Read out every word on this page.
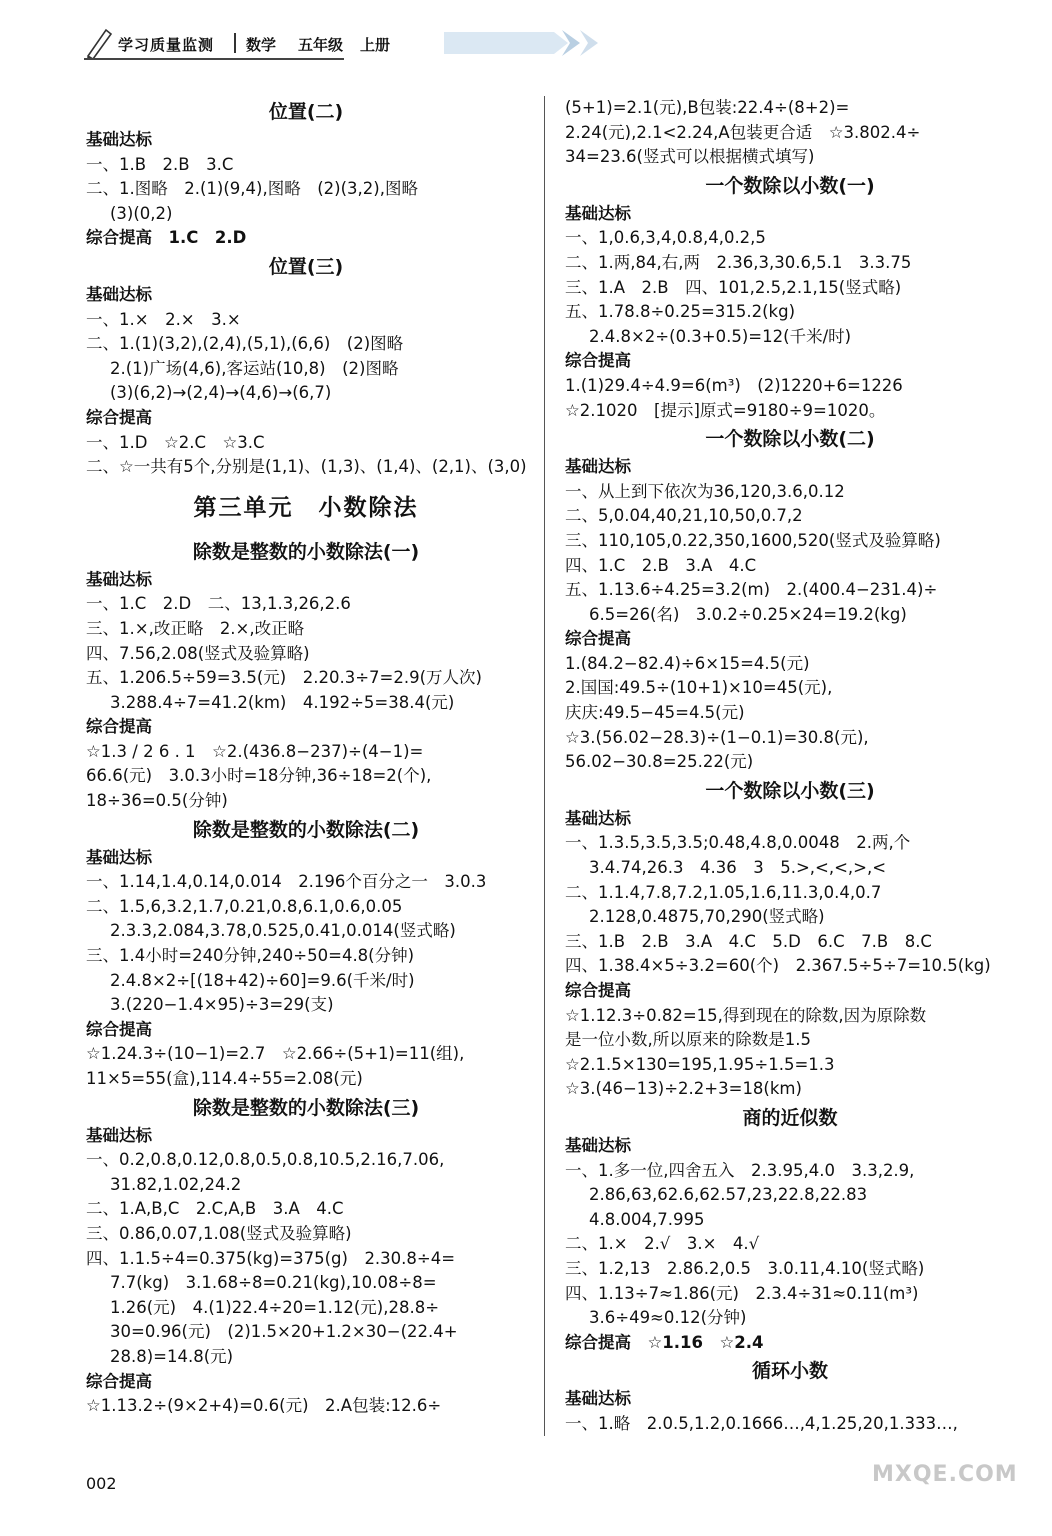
学习质量监测 数学 五年级 上册
位置(二)
基础达标
一、1.B　2.B　3.C
二、1.图略　2.(1)(9,4),图略　(2)(3,2),图略
(3)(0,2)
综合提高　1.C　2.D
位置(三)
基础达标
一、1.×　2.×　3.×
二、1.(1)(3,2),(2,4),(5,1),(6,6)　(2)图略
2.(1)广场(4,6),客运站(10,8)　(2)图略
(3)(6,2)→(2,4)→(4,6)→(6,7)
综合提高
一、1.D　☆2.C　☆3.C
二、☆一共有5个,分别是(1,1)、(1,3)、(1,4)、(2,1)、(3,0)
第三单元　小数除法
除数是整数的小数除法(一)
基础达标
一、1.C　2.D　二、13,1.3,26,2.6
三、1.×,改正略　2.×,改正略
四、7.56,2.08(竖式及验算略)
五、1.206.5÷59=3.5(元)　2.20.3÷7=2.9(万人次)
3.288.4÷7=41.2(km)　4.192÷5=38.4(元)
综合提高
☆1.3 / 2 6 . 1　☆2.(436.8−237)÷(4−1)=
66.6(元)　3.0.3小时=18分钟,36÷18=2(个),
18÷36=0.5(分钟)
除数是整数的小数除法(二)
基础达标
一、1.14,1.4,0.14,0.014　2.196个百分之一　3.0.3
二、1.5,6,3.2,1.7,0.21,0.8,6.1,0.6,0.05
2.3.3,2.084,3.78,0.525,0.41,0.014(竖式略)
三、1.4小时=240分钟,240÷50=4.8(分钟)
2.4.8×2÷[(18+42)÷60]=9.6(千米/时)
3.(220−1.4×95)÷3=29(支)
综合提高
☆1.24.3÷(10−1)=2.7　☆2.66÷(5+1)=11(组),
11×5=55(盒),114.4÷55=2.08(元)
除数是整数的小数除法(三)
基础达标
一、0.2,0.8,0.12,0.8,0.5,0.8,10.5,2.16,7.06,
31.82,1.02,24.2
二、1.A,B,C　2.C,A,B　3.A　4.C
三、0.86,0.07,1.08(竖式及验算略)
四、1.1.5÷4=0.375(kg)=375(g)　2.30.8÷4=
7.7(kg)　3.1.68÷8=0.21(kg),10.08÷8=
1.26(元)　4.(1)22.4÷20=1.12(元),28.8÷
30=0.96(元)　(2)1.5×20+1.2×30−(22.4+
28.8)=14.8(元)
综合提高
☆1.13.2÷(9×2+4)=0.6(元)　2.A包装:12.6÷
(5+1)=2.1(元),B包装:22.4÷(8+2)=
2.24(元),2.1<2.24,A包装更合适　☆3.802.4÷
34=23.6(竖式可以根据横式填写)
一个数除以小数(一)
基础达标
一、1,0.6,3,4,0.8,4,0.2,5
二、1.两,84,右,两　2.36,3,30.6,5.1　3.3.75
三、1.A　2.B　四、101,2.5,2.1,15(竖式略)
五、1.78.8÷0.25=315.2(kg)
2.4.8×2÷(0.3+0.5)=12(千米/时)
综合提高
1.(1)29.4÷4.9=6(m³)　(2)1220+6=1226
☆2.1020　[提示]原式=9180÷9=1020。
一个数除以小数(二)
基础达标
一、从上到下依次为36,120,3.6,0.12
二、5,0.04,40,21,10,50,0.7,2
三、110,105,0.22,350,1600,520(竖式及验算略)
四、1.C　2.B　3.A　4.C
五、1.13.6÷4.25=3.2(m)　2.(400.4−231.4)÷
6.5=26(名)　3.0.2÷0.25×24=19.2(kg)
综合提高
1.(84.2−82.4)÷6×15=4.5(元)
2.国国:49.5÷(10+1)×10=45(元),
庆庆:49.5−45=4.5(元)
☆3.(56.02−28.3)÷(1−0.1)=30.8(元),
56.02−30.8=25.22(元)
一个数除以小数(三)
基础达标
一、1.3.5,3.5,3.5;0.48,4.8,0.0048　2.两,个
3.4.74,26.3　4.36　3　5.>,<,<,>,<
二、1.1.4,7.8,7.2,1.05,1.6,11.3,0.4,0.7
2.128,0.4875,70,290(竖式略)
三、1.B　2.B　3.A　4.C　5.D　6.C　7.B　8.C
四、1.38.4×5÷3.2=60(个)　2.367.5÷5÷7=10.5(kg)
综合提高
☆1.12.3÷0.82=15,得到现在的除数,因为原除数
是一位小数,所以原来的除数是1.5
☆2.1.5×130=195,1.95÷1.5=1.3
☆3.(46−13)÷2.2+3=18(km)
商的近似数
基础达标
一、1.多一位,四舍五入　2.3.95,4.0　3.3,2.9,
2.86,63,62.6,62.57,23,22.8,22.83
4.8.004,7.995
二、1.×　2.√　3.×　4.√
三、1.2,13　2.86.2,0.5　3.0.11,4.10(竖式略)
四、1.13÷7≈1.86(元)　2.3.4÷31≈0.11(m³)
3.6÷49≈0.12(分钟)
综合提高　☆1.16　☆2.4
循环小数
基础达标
一、1.略　2.0.5,1.2,0.1666…,4,1.25,20,1.333…,
002	MXQE.COM
